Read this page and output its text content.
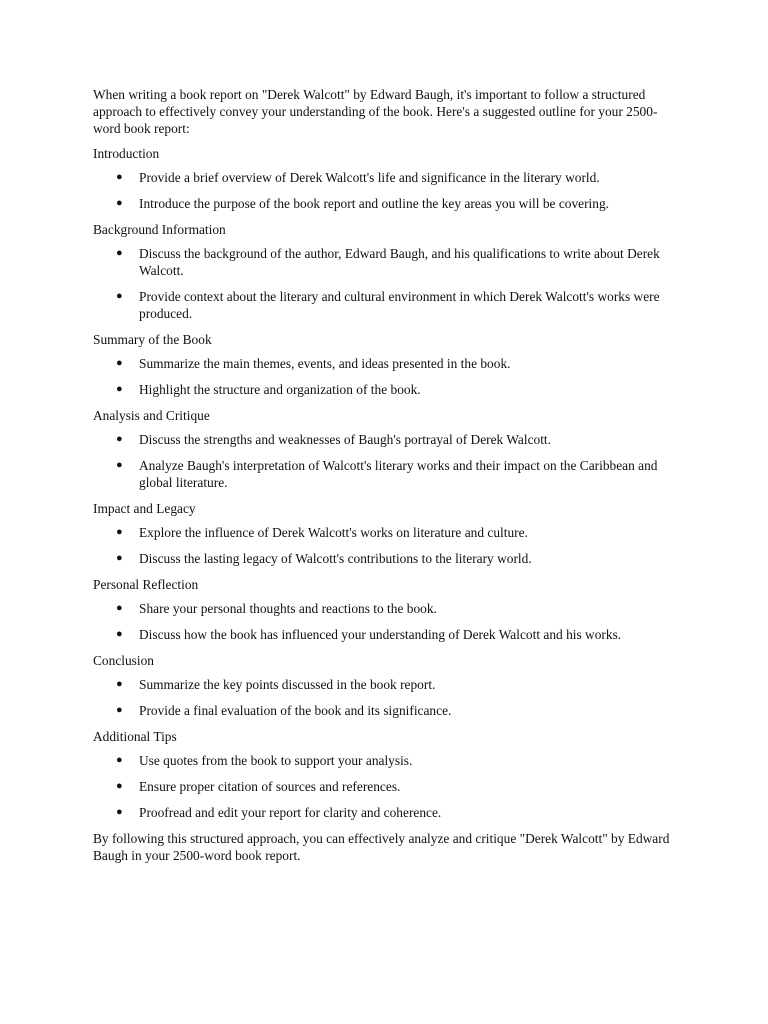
When writing a book report on "Derek Walcott" by Edward Baugh, it's important to follow a structured approach to effectively convey your understanding of the book. Here's a suggested outline for your 2500-word book report:

Introduction

● Provide a brief overview of Derek Walcott's life and significance in the literary world.
● Introduce the purpose of the book report and outline the key areas you will be covering.

Background Information

● Discuss the background of the author, Edward Baugh, and his qualifications to write about Derek Walcott.
● Provide context about the literary and cultural environment in which Derek Walcott's works were produced.

Summary of the Book

● Summarize the main themes, events, and ideas presented in the book.
● Highlight the structure and organization of the book.

Analysis and Critique

● Discuss the strengths and weaknesses of Baugh's portrayal of Derek Walcott.
● Analyze Baugh's interpretation of Walcott's literary works and their impact on the Caribbean and global literature.

Impact and Legacy

● Explore the influence of Derek Walcott's works on literature and culture.
● Discuss the lasting legacy of Walcott's contributions to the literary world.

Personal Reflection

● Share your personal thoughts and reactions to the book.
● Discuss how the book has influenced your understanding of Derek Walcott and his works.

Conclusion

● Summarize the key points discussed in the book report.
● Provide a final evaluation of the book and its significance.

Additional Tips

● Use quotes from the book to support your analysis.
● Ensure proper citation of sources and references.
● Proofread and edit your report for clarity and coherence.

By following this structured approach, you can effectively analyze and critique "Derek Walcott" by Edward Baugh in your 2500-word book report.
